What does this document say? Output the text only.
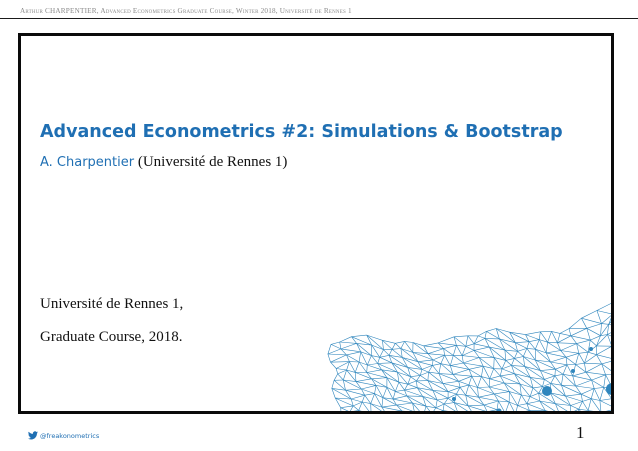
Arthur CHARPENTIER, Advanced Econometrics Graduate Course, Winter 2018, Université de Rennes 1
Advanced Econometrics #2: Simulations & Bootstrap
A. Charpentier (Université de Rennes 1)
Université de Rennes 1,
Graduate Course, 2018.
@freakonometrics	1
